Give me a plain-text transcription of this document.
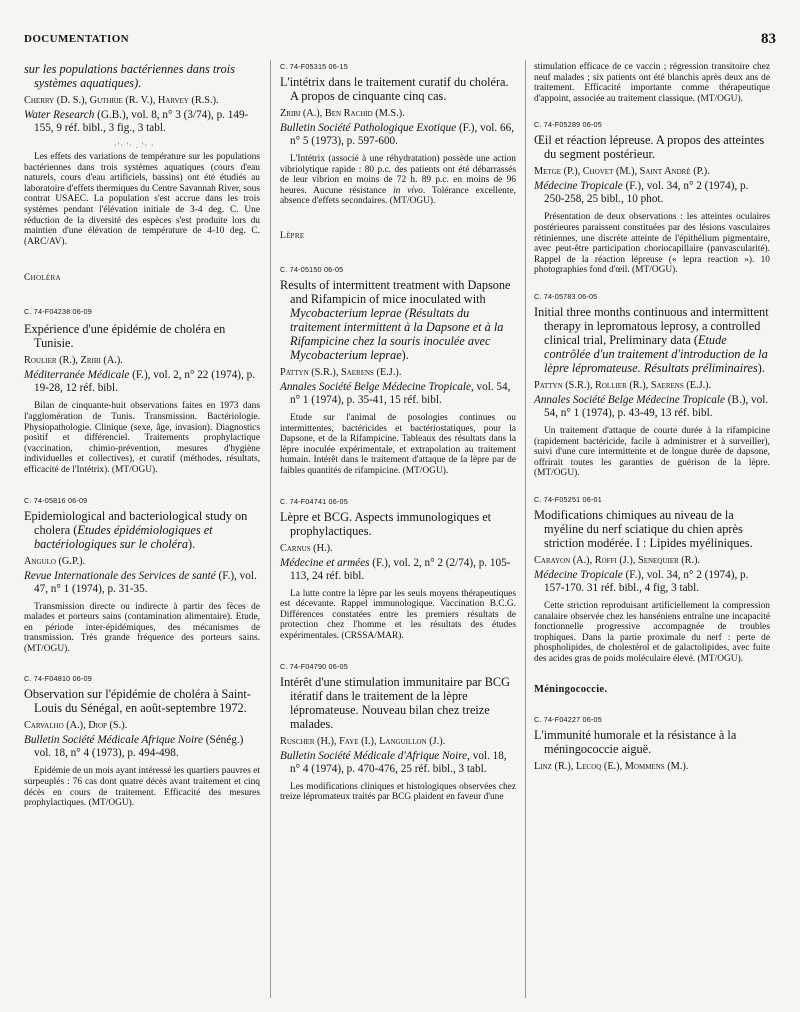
DOCUMENTATION	83
sur les populations bactériennes dans trois systèmes aquatiques).
Cherry (D. S.), Guthrie (R. V.), Harvey (R.S.).
Water Research (G.B.), vol. 8, n° 3 (3/74), p. 149-155, 9 réf. bibl., 3 fig., 3 tabl.
·'· '· . '· ·

Les effets des variations de température sur les populations bactériennes dans trois systèmes aquatiques (cours d'eau naturels, cours d'eau artificiels, bassins) ont été étudiés au laboratoire d'effets thermiques du Centre Savannah River, sous contrat USAEC. La population s'est accrue dans les trois systèmes pendant l'élévation initiale de 3-4 deg. C. Une réduction de la diversité des espèces s'est produite lors du maintien d'une élévation de température de 4-10 deg. C. (ARC/AV).

Choléra
C. 74-F04238 06-09
Expérience d'une épidémie de choléra en Tunisie.
Roulier (R.), Zribi (A.).
Méditerranée Médicale (F.), vol. 2, n° 22 (1974), p. 19-28, 12 réf. bibl.

Bilan de cinquante-huit observations faites en 1973 dans l'agglomération de Tunis. Transmission. Bactériologie. Physiopathologie. Clinique (sexe, âge, invasion). Diagnostics positif et différenciel. Traitements prophylactique (vaccination, chimio-prévention, mesures d'hygiène individuelles et collectives), et curatif (méthodes, résultats, efficacité de l'Intétrix). (MT/OGU).

C. 74-05816 06-09
Epidemiological and bacteriological study on cholera (Etudes épidémiologiques et bactériologiques sur le choléra).
Angulo (G.P.).
Revue Internationale des Services de santé (F.), vol. 47, n° 1 (1974), p. 31-35.

Transmission directe ou indirecte à partir des fèces de malades et porteurs sains (contamination alimentaire). Etude, en période inter-épidémiques, des mécanismes de transmission. Très grande fréquence des porteurs sains. (MT/OGU).

C. 74-F04810 06-09
Observation sur l'épidémie de choléra à Saint-Louis du Sénégal, en août-septembre 1972.
Carvalho (A.), Diop (S.).
Bulletin Société Médicale Afrique Noire (Sénég.) vol. 18, n° 4 (1973), p. 494-498.

Epidémie de un mois ayant intéressé les quartiers pauvres et surpeuplés : 76 cas dont quatre décès avant traitement et cinq décès en cours de traitement. Efficacité des mesures prophylactiques. (MT/OGU).

C. 74-F05315 06-15
L'intétrix dans le traitement curatif du choléra. A propos de cinquante cinq cas.
Zribi (A.), Ben Rachid (M.S.).
Bulletin Société Pathologique Exotique (F.), vol. 66, n° 5 (1973), p. 597-600.

L'Intétrix (associé à une réhydratation) possède une action vibriolytique rapide : 80 p.c. des patients ont été débarrassés de leur vibrion en moins de 72 h. 89 p.c. en moins de 96 heures. Aucune résistance in vivo. Tolérance excellente, absence d'effets secondaires. (MT/OGU).

Lèpre
C. 74-05150 06-05
Results of intermittent treatment with Dapsone and Rifampicin of mice inoculated with Mycobacterium leprae (Résultats du traitement intermittent à la Dapsone et à la Rifampicine chez la souris inoculée avec Mycobacterium leprae).
Pattyn (S.R.), Saerens (E.J.).
Annales Société Belge Médecine Tropicale, vol. 54, n° 1 (1974), p. 35-41, 15 réf. bibl.

Etude sur l'animal de posologies continues ou intermittentes, bactéricides et bactériostatiques, pour la Dapsone, et de la Rifampicine. Tableaux des résultats dans la lèpre inoculée expérimentale, et extrapolation au traitement humain. Intérêt dans le traitement d'attaque de la lèpre par de faibles quantités de rifampicine. (MT/OGU).

C. 74-F04741 06-05
Lèpre et BCG. Aspects immunologiques et prophylactiques.
Carnus (H.).
Médecine et armées (F.), vol. 2, n° 2 (2/74), p. 105-113, 24 réf. bibl.

La lutte contre la lèpre par les seuls moyens thérapeutiques est décevante. Rappel immunologique. Vaccination B.C.G. Différences constatées entre les premiers résultats de protection chez l'homme et les résultats des études expérimentales. (CRSSA/MAR).

C. 74-F04790 06-05
Intérêt d'une stimulation immunitaire par BCG itératif dans le traitement de la lèpre lépromateuse. Nouveau bilan chez treize malades.
Ruscher (H.), Faye (I.), Languillon (J.).
Bulletin Société Médicale d'Afrique Noire, vol. 18, n° 4 (1974), p. 470-476, 25 réf. bibl., 3 tabl.

Les modifications cliniques et histologiques observées chez treize lépromateux traités par BCG plaident en faveur d'une

stimulation efficace de ce vaccin ; régression transitoire chez neuf malades ; six patients ont été blanchis après deux ans de traitement. Efficacité importante comme thérapeutique d'appoint, associée au traitement classique. (MT/OGU).

C. 74-F05289 06-05
Œil et réaction lépreuse. A propos des atteintes du segment postérieur.
Metge (P.), Chovet (M.), Saint André (P.).
Médecine Tropicale (F.), vol. 34, n° 2 (1974), p. 250-258, 25 bibl., 10 phot.

Présentation de deux observations : les atteintes oculaires postérieures paraissent constituées par des lésions vasculaires rétiniennes, une discrète atteinte de l'épithélium pigmentaire, avec peut-être participation choriocapillaire (panvascularité). Rappel de la réaction lépreuse (« lepra reaction »). 10 photographies fond d'œil. (MT/OGU).

C. 74-05783 06-05
Initial three months continuous and intermittent therapy in lepromatous leprosy, a controlled clinical trial, Preliminary data (Etude contrôlée d'un traitement d'introduction de la lèpre lépromateuse. Résultats préliminaires).
Pattyn (S.R.), Rollier (R.), Saerens (E.J.).
Annales Société Belge Médecine Tropicale (B.), vol. 54, n° 1 (1974), p. 43-49, 13 réf. bibl.

Un traitement d'attaque de courte durée à la rifampicine (rapidement bactéricide, facile à administrer et à surveiller), suivi d'une cure intermittente et de longue durée de dapsone, offrirait toutes les garanties de guérison de la lèpre. (MT/OGU).

C. 74-F05251 06-01
Modifications chimiques au niveau de la myéline du nerf sciatique du chien après striction modérée. I : Lipides myéliniques.
Carayon (A.), Roffi (J.), Senequier (R.).
Médecine Tropicale (F.), vol. 34, n° 2 (1974), p. 157-170. 31 réf. bibl., 4 fig, 3 tabl.

Cette striction reproduisant artificiellement la compression canalaire observée chez les hanséniens entraîne une incapacité fonctionnelle progressive accompagnée de troubles trophiques. Dans la partie proximale du nerf : perte de phospholipides, de cholestérol et de galactolipides, avec fuite des acides gras de poids moléculaire élevé. (MT/OGU).

Méningococcie.
C. 74-F04227 06-05
L'immunité humorale et la résistance à la méningococcie aiguë.
Linz (R.), Lecoq (E.), Mommens (M.).
